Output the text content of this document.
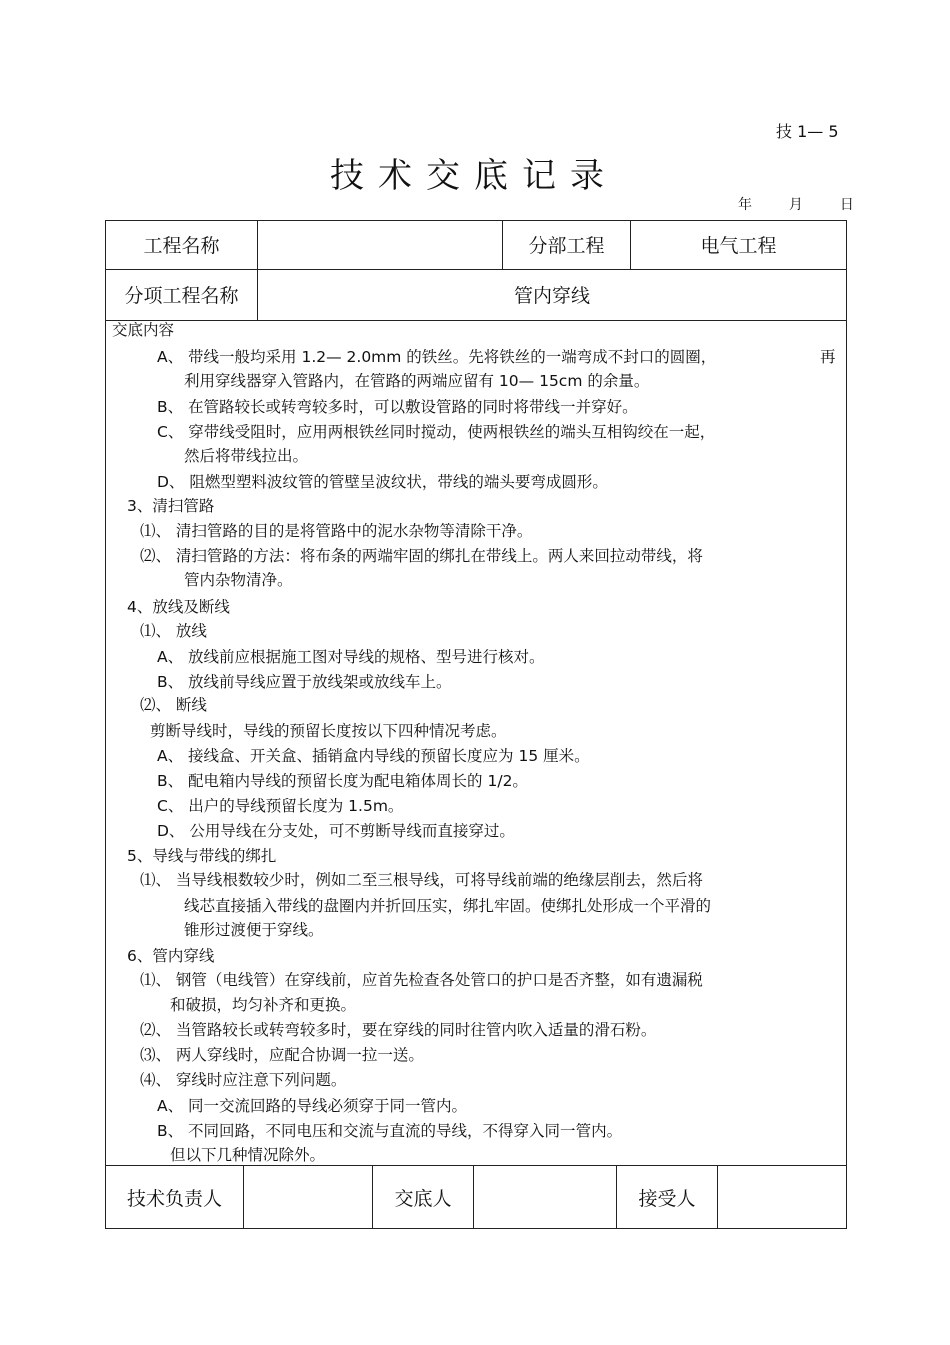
技 1— 5
技术交底记录
年	月	日
工程名称	分部工程	电气工程
分项工程名称	管内穿线
交底内容
A、 带线一般均采用 1.2— 2.0mm 的铁丝。先将铁丝的一端弯成不封口的圆圈，	再
利用穿线器穿入管路内，在管路的两端应留有 10— 15cm 的余量。
B、 在管路较长或转弯较多时，可以敷设管路的同时将带线一并穿好。
C、 穿带线受阻时，应用两根铁丝同时搅动，使两根铁丝的端头互相钩绞在一起，
然后将带线拉出。
D、 阻燃型塑料波纹管的管壁呈波纹状，带线的端头要弯成圆形。
3、清扫管路
⑴、 清扫管路的目的是将管路中的泥水杂物等清除干净。
⑵、 清扫管路的方法：将布条的两端牢固的绑扎在带线上。两人来回拉动带线，将
管内杂物清净。
4、放线及断线
⑴、 放线
A、 放线前应根据施工图对导线的规格、型号进行核对。
B、 放线前导线应置于放线架或放线车上。
⑵、 断线
剪断导线时，导线的预留长度按以下四种情况考虑。
A、 接线盒、开关盒、插销盒内导线的预留长度应为 15 厘米。
B、 配电箱内导线的预留长度为配电箱体周长的 1/2。
C、 出户的导线预留长度为 1.5m。
D、 公用导线在分支处，可不剪断导线而直接穿过。
5、导线与带线的绑扎
⑴、 当导线根数较少时，例如二至三根导线，可将导线前端的绝缘层削去，然后将
线芯直接插入带线的盘圈内并折回压实，绑扎牢固。使绑扎处形成一个平滑的
锥形过渡便于穿线。
6、管内穿线
⑴、 钢管（电线管）在穿线前，应首先检查各处管口的护口是否齐整，如有遗漏税
和破损，均匀补齐和更换。
⑵、 当管路较长或转弯较多时，要在穿线的同时往管内吹入适量的滑石粉。
⑶、 两人穿线时，应配合协调一拉一送。
⑷、 穿线时应注意下列问题。
A、 同一交流回路的导线必须穿于同一管内。
B、 不同回路，不同电压和交流与直流的导线，不得穿入同一管内。
但以下几种情况除外。
技术负责人	交底人	接受人
